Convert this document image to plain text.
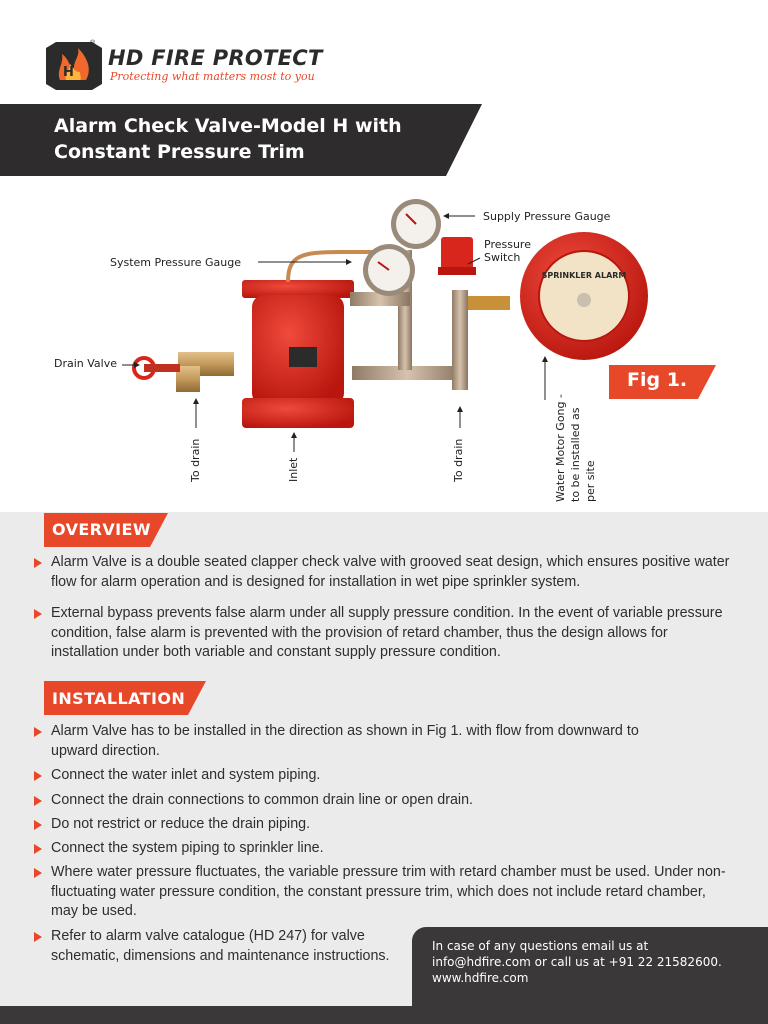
H
®
HD FIRE PROTECT
Protecting what matters most to you
Alarm Check Valve-Model H with
Constant Pressure Trim
SPRINKLER ALARM
Supply Pressure Gauge
System Pressure Gauge
Pressure
Switch
Drain Valve
To drain	Inlet	To drain	Water Motor Gong - to be installed as per site
Fig 1.
OVERVIEW
Alarm Valve is a double seated clapper check valve with grooved seat design, which ensures positive water flow for alarm operation and is designed for installation in wet pipe sprinkler system.
External bypass prevents false alarm under all supply pressure condition. In the event of variable pressure condition, false alarm is prevented with the provision of retard chamber, thus the design allows for installation under both variable and constant supply pressure condition.
INSTALLATION
Alarm Valve has to be installed in the direction as shown in Fig 1. with flow from downward to upward direction.
Connect the water inlet and system piping.
Connect the drain connections to common drain line or open drain.
Do not restrict or reduce the drain piping.
Connect the system piping to sprinkler line.
Where water pressure fluctuates, the variable pressure trim with retard chamber must be used. Under non-fluctuating water pressure condition, the constant pressure trim, which does not include retard chamber, may be used.
Refer to alarm valve catalogue (HD 247) for valve schematic, dimensions and maintenance instructions.
In case of any questions email us at
info@hdfire.com or call us at +91 22 21582600.
www.hdfire.com
